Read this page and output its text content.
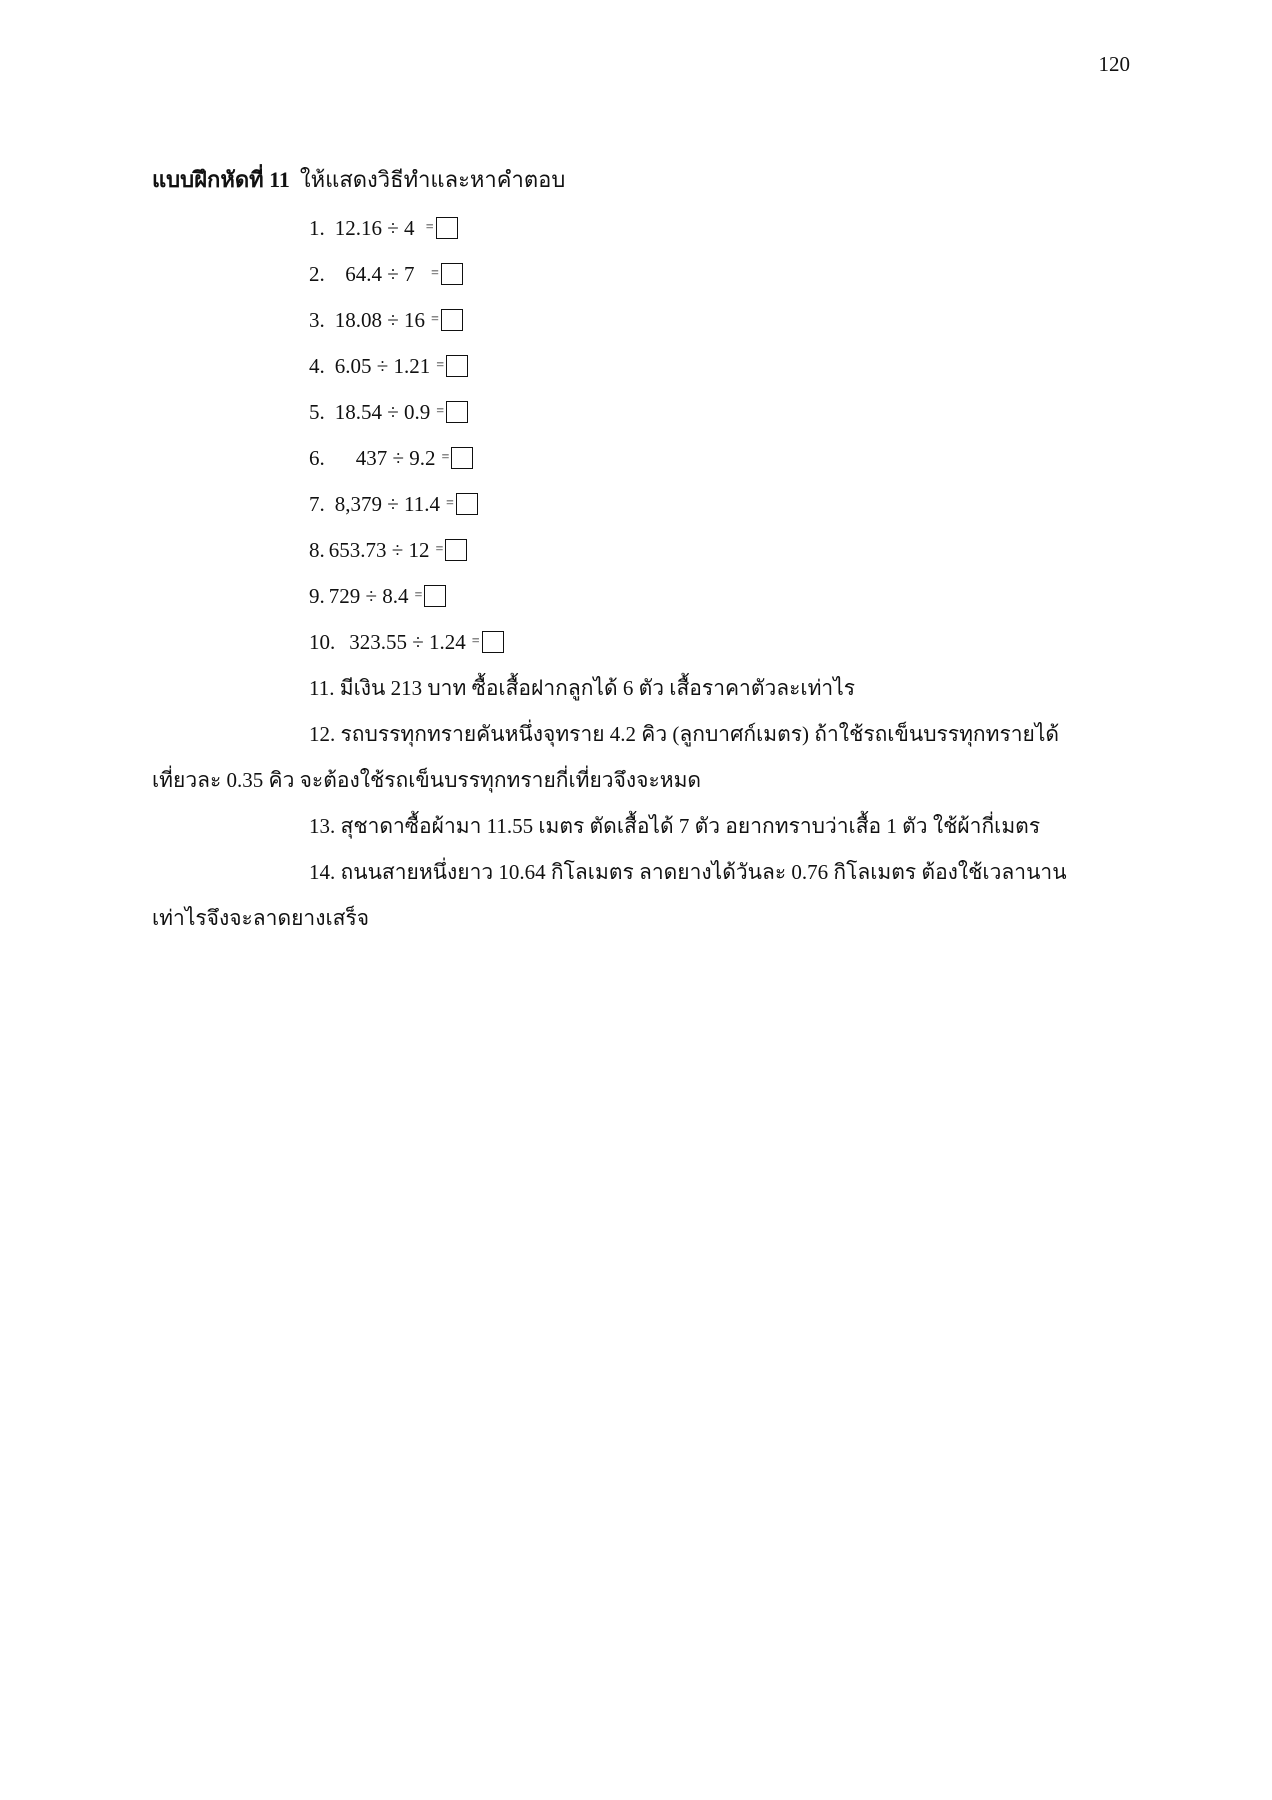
120
แบบฝึกหัดที่ 11 ให้แสดงวิธีทำและหาคำตอบ
1. 12.16 ÷ 4 =
2. 64.4 ÷ 7 =
3. 18.08 ÷ 16 =
4. 6.05 ÷ 1.21 =
5. 18.54 ÷ 0.9 =
6. 437 ÷ 9.2 =
7. 8,379 ÷ 11.4 =
8. 653.73 ÷ 12 =
9. 729 ÷ 8.4 =
10. 323.55 ÷ 1.24 =
11. มีเงิน 213 บาท ซื้อเสื้อฝากลูกได้ 6 ตัว เสื้อราคาตัวละเท่าไร
12. รถบรรทุกทรายคันหนึ่งจุทราย 4.2 คิว (ลูกบาศก์เมตร) ถ้าใช้รถเข็นบรรทุกทรายได้
เที่ยวละ 0.35 คิว จะต้องใช้รถเข็นบรรทุกทรายกี่เที่ยวจึงจะหมด
13. สุชาดาซื้อผ้ามา 11.55 เมตร ตัดเสื้อได้ 7 ตัว อยากทราบว่าเสื้อ 1 ตัว ใช้ผ้ากี่เมตร
14. ถนนสายหนึ่งยาว 10.64 กิโลเมตร ลาดยางได้วันละ 0.76 กิโลเมตร ต้องใช้เวลานาน
เท่าไรจึงจะลาดยางเสร็จ
